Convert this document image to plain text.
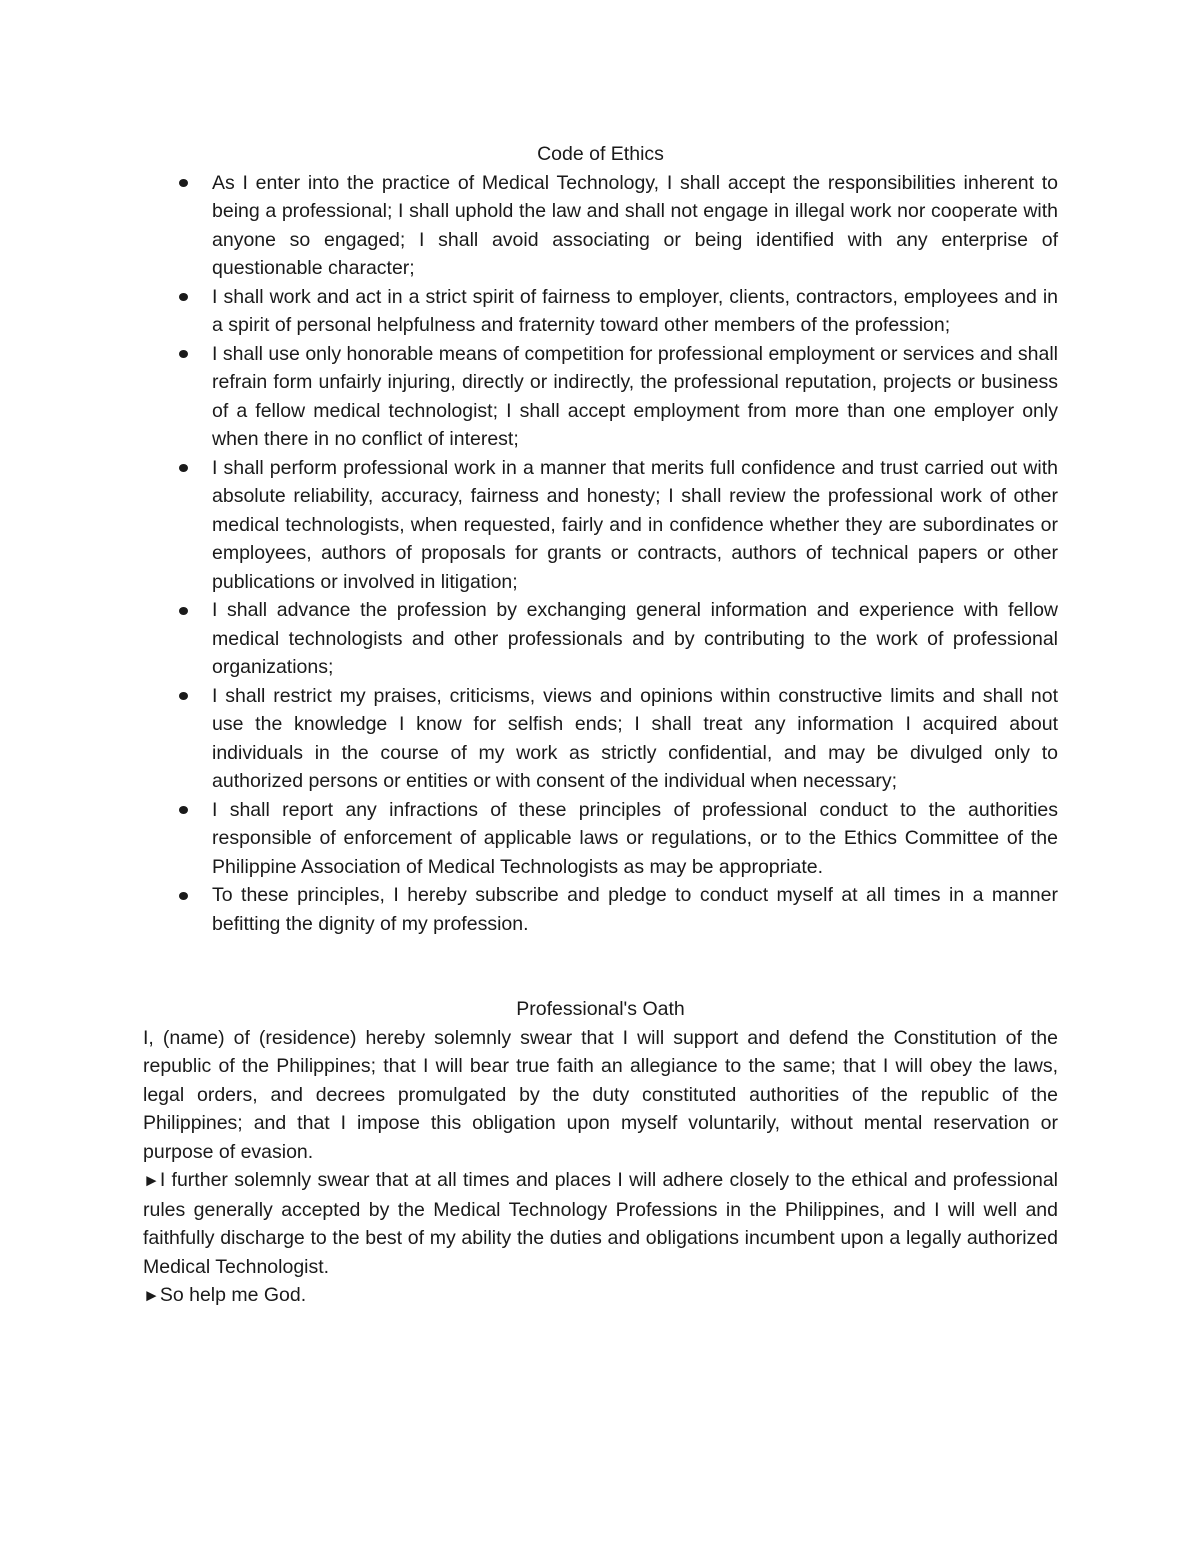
Code of Ethics
As I enter into the practice of Medical Technology, I shall accept the responsibilities inherent to being a professional; I shall uphold the law and shall not engage in illegal work nor cooperate with anyone so engaged; I shall avoid associating or being identified with any enterprise of questionable character;
I shall work and act in a strict spirit of fairness to employer, clients, contractors, employees and in a spirit of personal helpfulness and fraternity toward other members of the profession;
I shall use only honorable means of competition for professional employment or services and shall refrain form unfairly injuring, directly or indirectly, the professional reputation, projects or business of a fellow medical technologist; I shall accept employment from more than one employer only when there in no conflict of interest;
I shall perform professional work in a manner that merits full confidence and trust carried out with absolute reliability, accuracy, fairness and honesty; I shall review the professional work of other medical technologists, when requested, fairly and in confidence whether they are subordinates or employees, authors of proposals for grants or contracts, authors of technical papers or other publications or involved in litigation;
I shall advance the profession by exchanging general information and experience with fellow medical technologists and other professionals and by contributing to the work of professional organizations;
I shall restrict my praises, criticisms, views and opinions within constructive limits and shall not use the knowledge I know for selfish ends; I shall treat any information I acquired about individuals in the course of my work as strictly confidential, and may be divulged only to authorized persons or entities or with consent of the individual when necessary;
I shall report any infractions of these principles of professional conduct to the authorities responsible of enforcement of applicable laws or regulations, or to the Ethics Committee of the Philippine Association of Medical Technologists as may be appropriate.
To these principles, I hereby subscribe and pledge to conduct myself at all times in a manner befitting the dignity of my profession.
Professional's Oath

I, (name) of (residence) hereby solemnly swear that I will support and defend the Constitution of the republic of the Philippines; that I will bear true faith an allegiance to the same; that I will obey the laws, legal orders, and decrees promulgated by the duty constituted authorities of the republic of the Philippines; and that I impose this obligation upon myself voluntarily, without mental reservation or purpose of evasion.

►I further solemnly swear that at all times and places I will adhere closely to the ethical and professional rules generally accepted by the Medical Technology Professions in the Philippines, and I will well and faithfully discharge to the best of my ability the duties and obligations incumbent upon a legally authorized Medical Technologist.

►So help me God.
